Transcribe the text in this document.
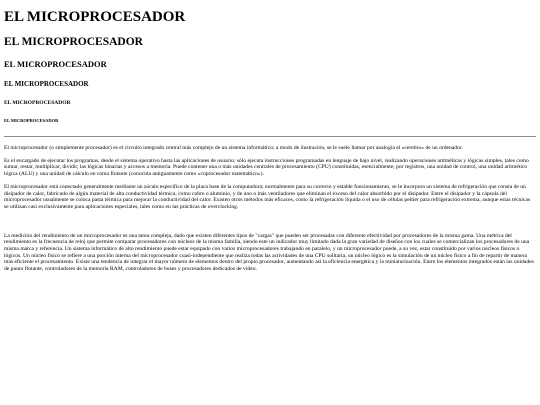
EL MICROPROCESADOR
EL MICROPROCESADOR
EL MICROPROCESADOR
EL MICROPROCESADOR
EL MICROPROCESADOR
EL MICROPROCESADOR

El microprocesador (o simplemente procesador) es el circuito integrado central más complejo de un sistema informático; a modo de ilustración, se le suele llamar por analogía el «cerebro» de un ordenador.

Es el encargado de ejecutar los programas, desde el sistema operativo hasta las aplicaciones de usuario; sólo ejecuta instrucciones programadas en lenguaje de bajo nivel, realizando operaciones aritméticas y lógicas simples, tales como sumar, restar, multiplicar, dividir, las lógicas binarias y accesos a memoria. Puede contener una o más unidades centrales de procesamiento (CPU) constituidas, esencialmente, por registros, una unidad de control, una unidad aritmético lógica (ALU) y una unidad de cálculo en coma flotante (conocida antiguamente como «coprocesador matemático»).

El microprocesador está conectado generalmente mediante un zócalo específico de la placa base de la computadora; normalmente para su correcto y estable funcionamiento, se le incorpora un sistema de refrigeración que consta de un disipador de calor, fabricado de algún material de alta conductividad térmica, como cobre o aluminio, y de uno o más ventiladores que eliminan el exceso del calor absorbido por el disipador. Entre el disipador y la cápsula del microprocesador usualmente se coloca pasta térmica para mejorar la conductividad del calor. Existen otros métodos más eficaces, como la refrigeración líquida o el uso de células peltier para refrigeración extrema, aunque estas técnicas se utilizan casi exclusivamente para aplicaciones especiales, tales como en las prácticas de overclocking.

La medición del rendimiento de un microprocesador es una tarea compleja, dado que existen diferentes tipos de "cargas" que pueden ser procesadas con diferente efectividad por procesadores de la misma gama. Una métrica del rendimiento es la frecuencia de reloj que permite comparar procesadores con núcleos de la misma familia, siendo este un indicador muy limitado dada la gran variedad de diseños con los cuales se comercializan los procesadores de una misma marca y referencia. Un sistema informático de alto rendimiento puede estar equipado con varios microprocesadores trabajando en paralelo, y un microprocesador puede, a su vez, estar constituido por varios núcleos físicos o lógicos. Un núcleo físico se refiere a una porción interna del microprocesador cuasi-independiente que realiza todas las actividades de una CPU solitaria, un núcleo lógico es la simulación de un núcleo físico a fin de repartir de manera más eficiente el procesamiento. Existe una tendencia de integrar el mayor número de elementos dentro del propio procesador, aumentando así la eficiencia energética y la miniaturización. Entre los elementos integrados están las unidades de punto flotante, controladores de la memoria RAM, controladores de buses y procesadores dedicados de video.
